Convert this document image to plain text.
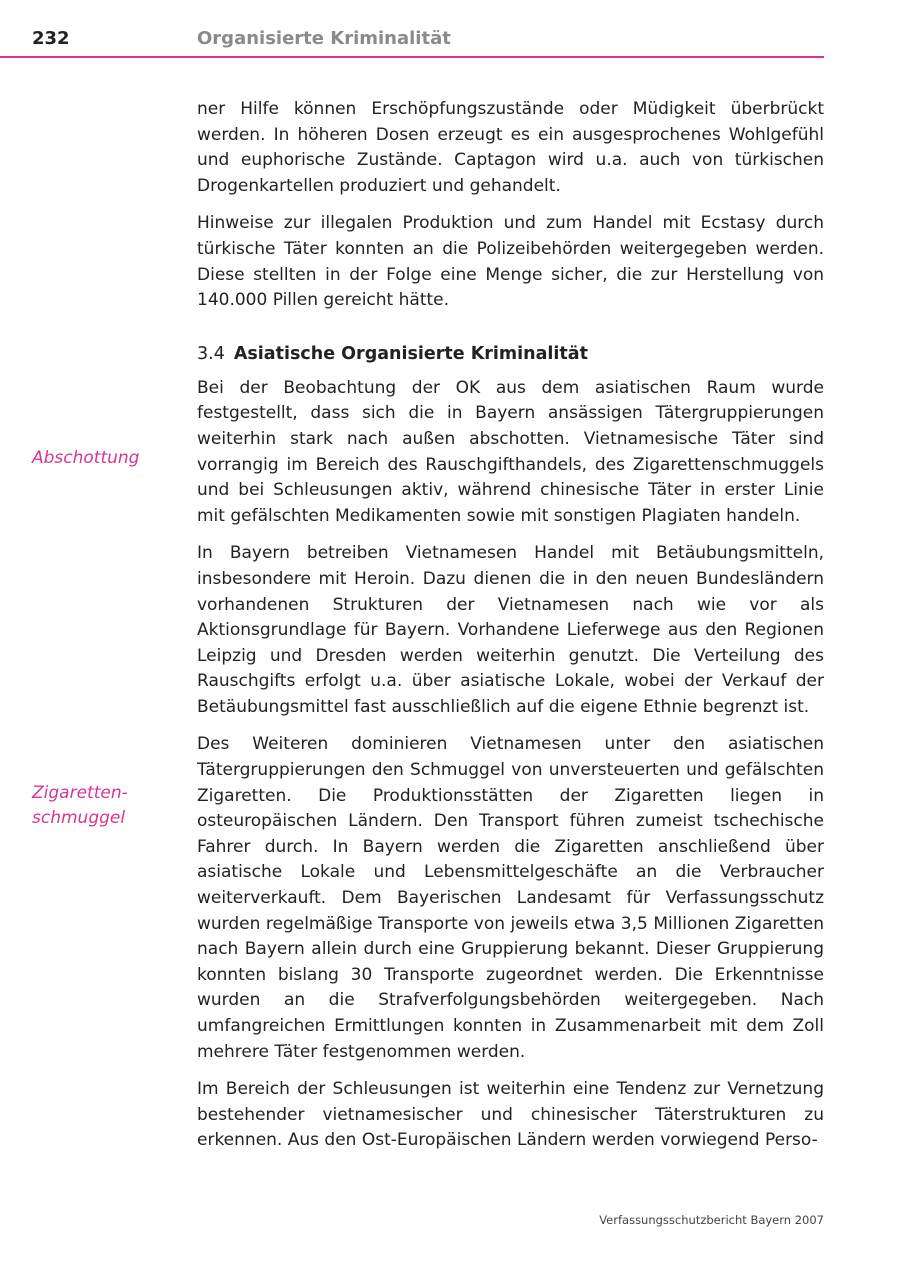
232	Organisierte Kriminalität

Abschottung

Zigaretten-
schmuggel

ner Hilfe können Erschöpfungszustände oder Müdigkeit überbrückt werden. In höheren Dosen erzeugt es ein ausgesprochenes Wohlgefühl und euphorische Zustände. Captagon wird u.a. auch von türkischen Drogenkartellen produziert und gehandelt.

Hinweise zur illegalen Produktion und zum Handel mit Ecstasy durch türkische Täter konnten an die Polizeibehörden weitergegeben werden. Diese stellten in der Folge eine Menge sicher, die zur Herstellung von 140.000 Pillen gereicht hätte.

3.4 Asiatische Organisierte Kriminalität

Bei der Beobachtung der OK aus dem asiatischen Raum wurde festgestellt, dass sich die in Bayern ansässigen Tätergruppierungen weiterhin stark nach außen abschotten. Vietnamesische Täter sind vorrangig im Bereich des Rauschgifthandels, des Zigarettenschmuggels und bei Schleusungen aktiv, während chinesische Täter in erster Linie mit gefälschten Medikamenten sowie mit sonstigen Plagiaten handeln.

In Bayern betreiben Vietnamesen Handel mit Betäubungsmitteln, insbesondere mit Heroin. Dazu dienen die in den neuen Bundesländern vorhandenen Strukturen der Vietnamesen nach wie vor als Aktionsgrundlage für Bayern. Vorhandene Lieferwege aus den Regionen Leipzig und Dresden werden weiterhin genutzt. Die Verteilung des Rauschgifts erfolgt u.a. über asiatische Lokale, wobei der Verkauf der Betäubungsmittel fast ausschließlich auf die eigene Ethnie begrenzt ist.

Des Weiteren dominieren Vietnamesen unter den asiatischen Tätergruppierungen den Schmuggel von unversteuerten und gefälschten Zigaretten. Die Produktionsstätten der Zigaretten liegen in osteuropäischen Ländern. Den Transport führen zumeist tschechische Fahrer durch. In Bayern werden die Zigaretten anschließend über asiatische Lokale und Lebensmittelgeschäfte an die Verbraucher weiterverkauft. Dem Bayerischen Landesamt für Verfassungsschutz wurden regelmäßige Transporte von jeweils etwa 3,5 Millionen Zigaretten nach Bayern allein durch eine Gruppierung bekannt. Dieser Gruppierung konnten bislang 30 Transporte zugeordnet werden. Die Erkenntnisse wurden an die Strafverfolgungsbehörden weitergegeben. Nach umfangreichen Ermittlungen konnten in Zusammenarbeit mit dem Zoll mehrere Täter festgenommen werden.

Im Bereich der Schleusungen ist weiterhin eine Tendenz zur Vernetzung bestehender vietnamesischer und chinesischer Täterstrukturen zu erkennen. Aus den Ost-Europäischen Ländern werden vorwiegend Perso-

Verfassungsschutzbericht Bayern 2007
